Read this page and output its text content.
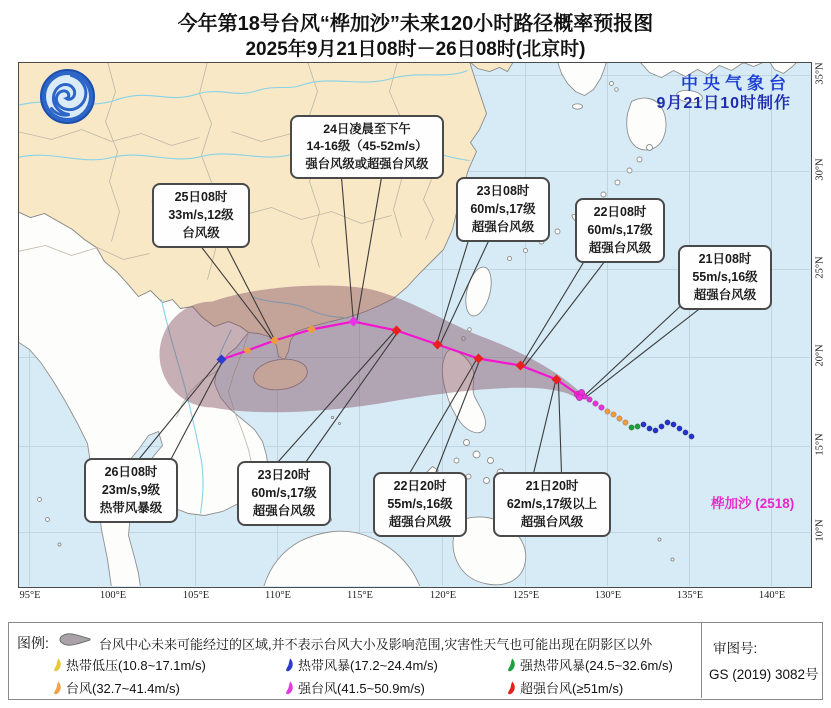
今年第18号台风“桦加沙”未来120小时路径概率预报图
2025年9月21日08时－26日08时(北京时)
中央气象台
9月21日10时制作
桦加沙 (2518)
21日08时
55m/s,16级
超强台风级
22日08时
60m/s,17级
超强台风级
23日08时
60m/s,17级
超强台风级
24日凌晨至下午
14-16级（45-52m/s）
强台风级或超强台风级
25日08时
33m/s,12级
台风级
26日08时
23m/s,9级
热带风暴级
23日20时
60m/s,17级
超强台风级
22日20时
55m/s,16级
超强台风级
21日20时
62m/s,17级以上
超强台风级
图例:	台风中心未来可能经过的区域,并不表示台风大小及影响范围,灾害性天气也可能出现在阴影区以外
热带低压(10.8~17.1m/s)	热带风暴(17.2~24.4m/s)	强热带风暴(24.5~32.6m/s)
台风(32.7~41.4m/s)	强台风(41.5~50.9m/s)	超强台风(≥51m/s)
审图号:
GS (2019) 3082号
95°E	100°E	105°E	110°E	115°E	120°E	125°E	130°E	135°E	140°E
35°N
30°N
25°N
20°N
15°N
10°N
